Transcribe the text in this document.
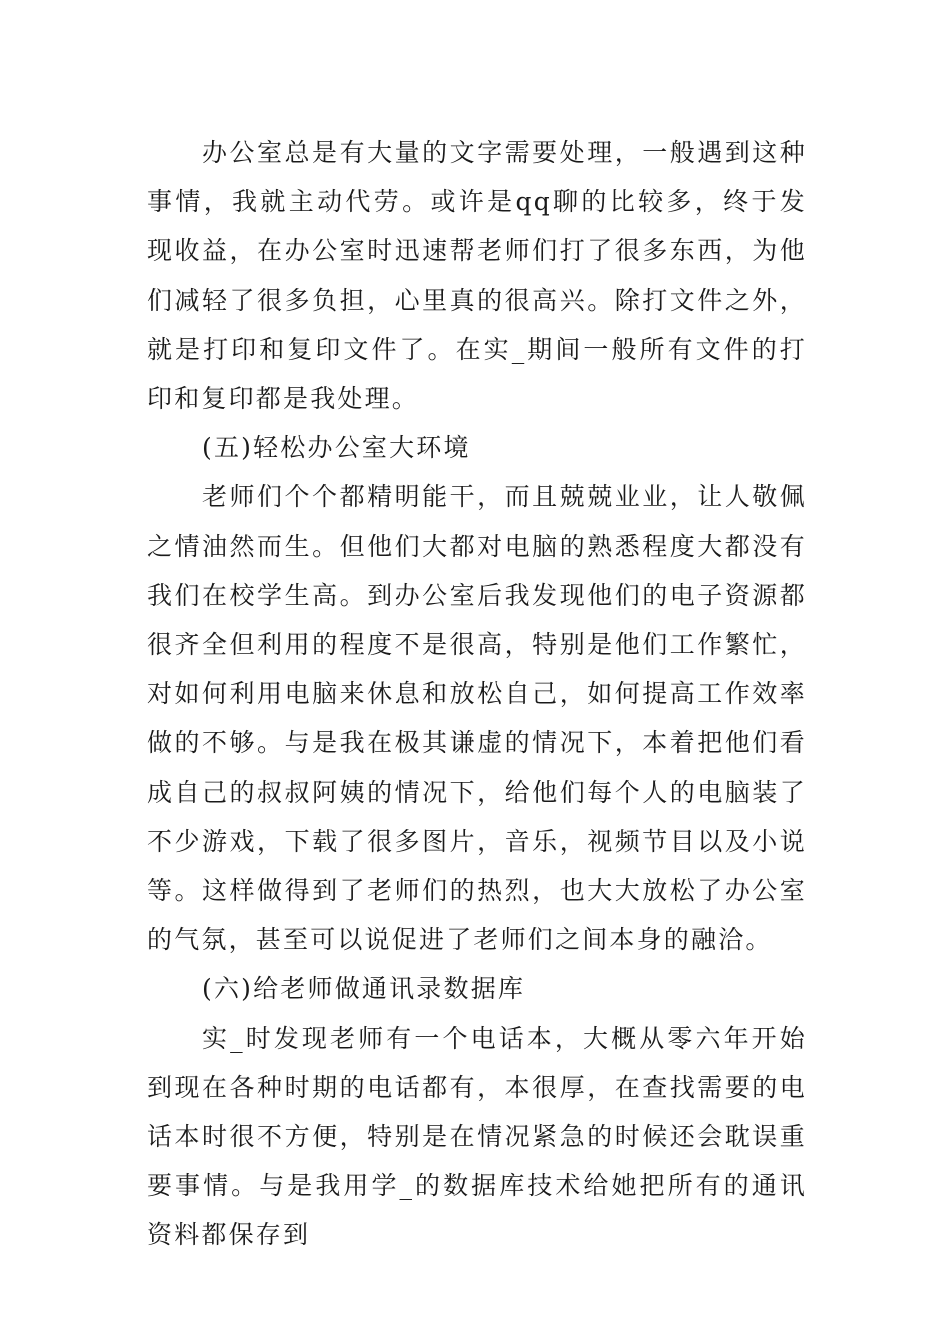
办公室总是有大量的文字需要处理，一般遇到这种事情，我就主动代劳。或许是qq聊的比较多，终于发现收益，在办公室时迅速帮老师们打了很多东西，为他们减轻了很多负担，心里真的很高兴。除打文件之外，就是打印和复印文件了。在实_期间一般所有文件的打印和复印都是我处理。

(五)轻松办公室大环境

老师们个个都精明能干，而且兢兢业业，让人敬佩之情油然而生。但他们大都对电脑的熟悉程度大都没有我们在校学生高。到办公室后我发现他们的电子资源都很齐全但利用的程度不是很高，特别是他们工作繁忙，对如何利用电脑来休息和放松自己，如何提高工作效率做的不够。与是我在极其谦虚的情况下，本着把他们看成自己的叔叔阿姨的情况下，给他们每个人的电脑装了不少游戏，下载了很多图片，音乐，视频节目以及小说等。这样做得到了老师们的热烈，也大大放松了办公室的气氛，甚至可以说促进了老师们之间本身的融洽。

(六)给老师做通讯录数据库

实_时发现老师有一个电话本，大概从零六年开始到现在各种时期的电话都有，本很厚，在查找需要的电话本时很不方便，特别是在情况紧急的时候还会耽误重要事情。与是我用学_的数据库技术给她把所有的通讯资料都保存到
